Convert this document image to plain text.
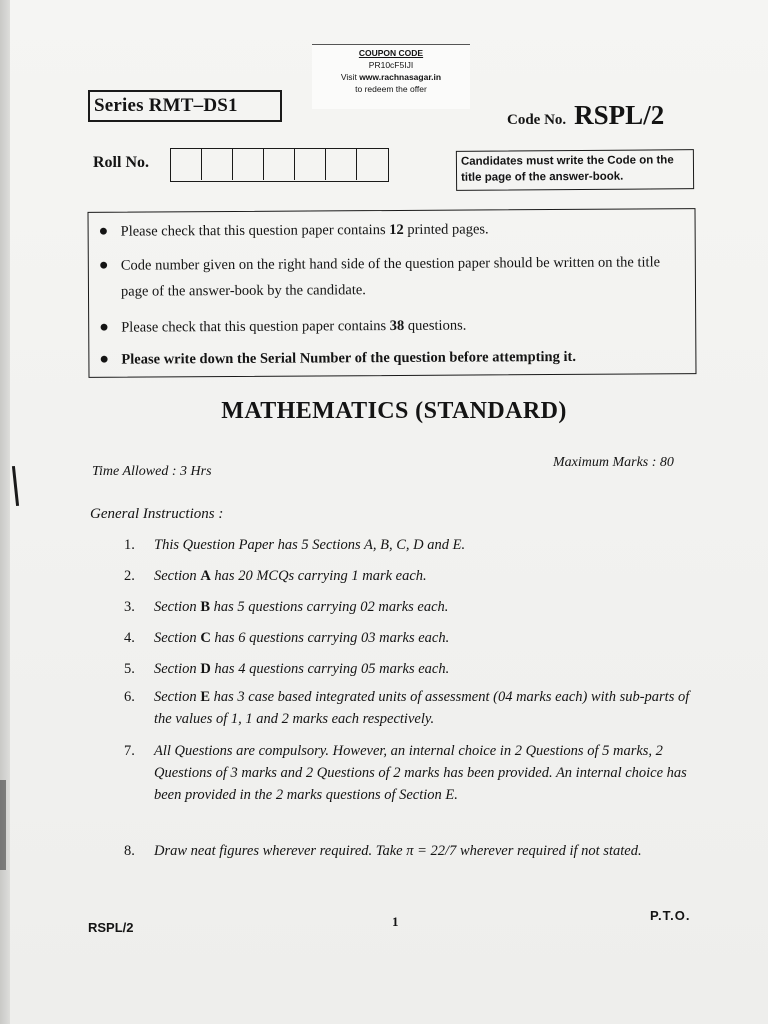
COUPON CODE
PR10cF5IJI
Visit www.rachnasagar.in
to redeem the offer
Series RMT–DS1
Code No. RSPL/2
Roll No.	Candidates must write the Code on the title page of the answer-book.
● Please check that this question paper contains 12 printed pages.
● Code number given on the right hand side of the question paper should be written on the title page of the answer-book by the candidate.
● Please check that this question paper contains 38 questions.
● Please write down the Serial Number of the question before attempting it.
MATHEMATICS (STANDARD)
Time Allowed : 3 Hrs
Maximum Marks : 80
General Instructions :
1. This Question Paper has 5 Sections A, B, C, D and E.
2. Section A has 20 MCQs carrying 1 mark each.
3. Section B has 5 questions carrying 02 marks each.
4. Section C has 6 questions carrying 03 marks each.
5. Section D has 4 questions carrying 05 marks each.
6. Section E has 3 case based integrated units of assessment (04 marks each) with sub-parts of the values of 1, 1 and 2 marks each respectively.
7. All Questions are compulsory. However, an internal choice in 2 Questions of 5 marks, 2 Questions of 3 marks and 2 Questions of 2 marks has been provided. An internal choice has been provided in the 2 marks questions of Section E.
8. Draw neat figures wherever required. Take π = 22/7 wherever required if not stated.
RSPL/2	1	P.T.O.
